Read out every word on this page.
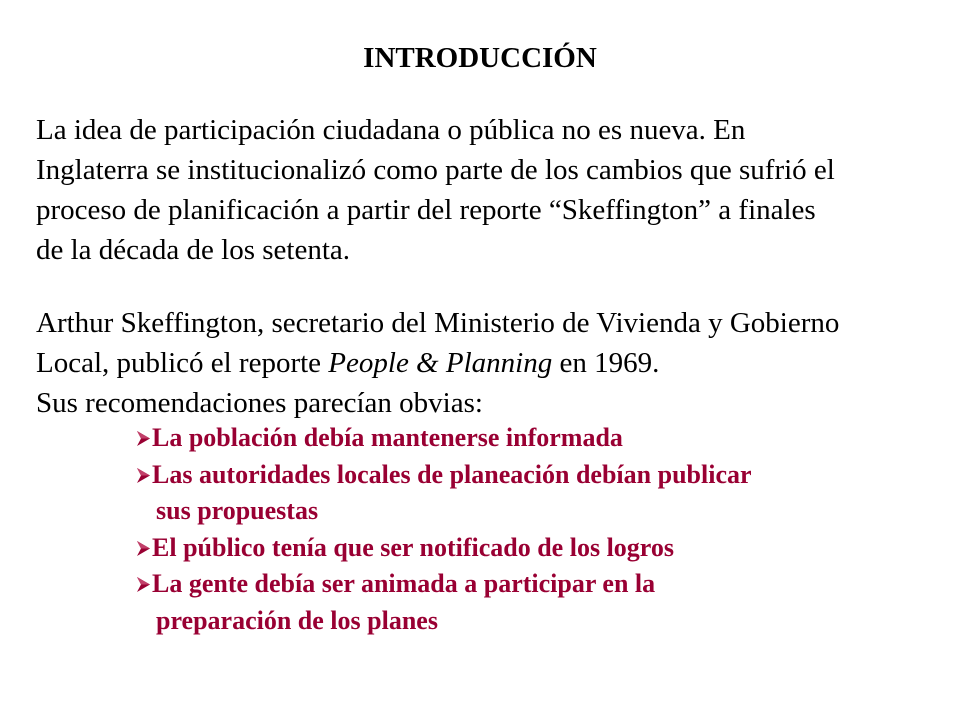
INTRODUCCIÓN

La idea de participación ciudadana o pública no es nueva. En
Inglaterra se institucionalizó como parte de los cambios que sufrió el
proceso de planificación a partir del reporte “Skeffington” a finales
de la década de los setenta.

Arthur Skeffington, secretario del Ministerio de Vivienda y Gobierno
Local, publicó el reporte People & Planning en 1969.
Sus recomendaciones parecían obvias:

La población debía mantenerse informada
Las autoridades locales de planeación debían publicar
sus propuestas
El público tenía que ser notificado de los logros
La gente debía ser animada a participar en la
preparación de los planes
